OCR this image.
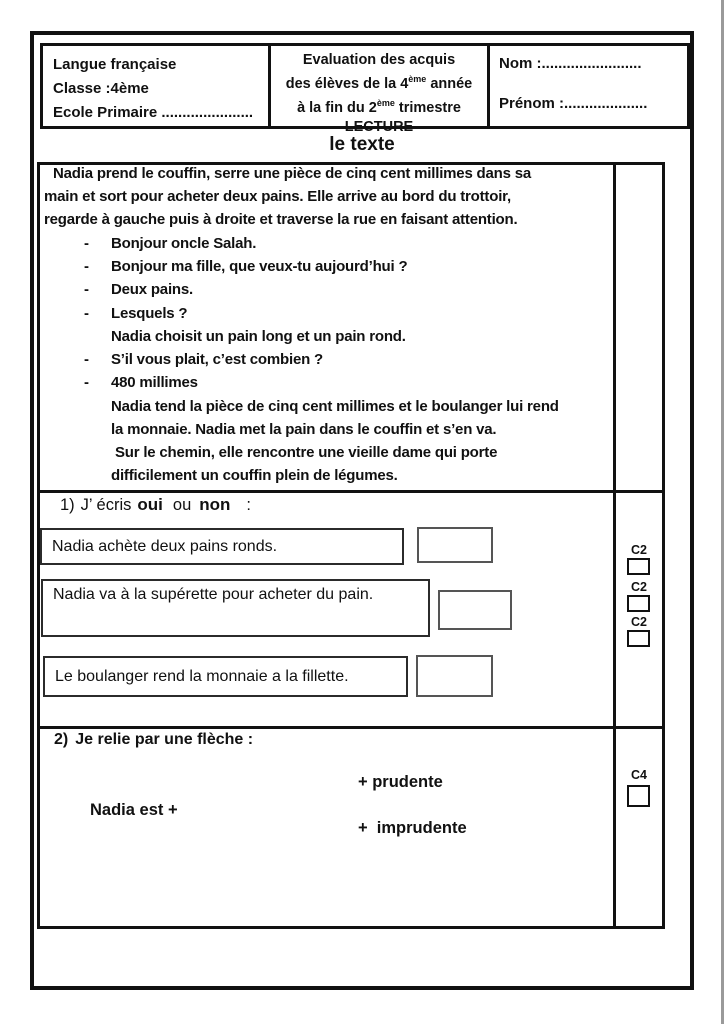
Langue française
Classe :4ème
Ecole Primaire ......................
Evaluation des acquis
des élèves de la 4ème année
à la fin du 2ème trimestre
LECTURE
Nom :........................
Prénom :....................
le texte
Nadia prend le couffin, serre une pièce de cinq cent millimes dans sa
main et sort pour acheter deux pains. Elle arrive au bord du trottoir,
regarde à gauche puis à droite et traverse la rue en faisant attention.
-	Bonjour oncle Salah.
-	Bonjour ma fille, que veux-tu aujourd’hui ?
-	Deux pains.
-	Lesquels ?
Nadia choisit un pain long et un pain rond.
-	S’il vous plait, c’est combien ?
-	480 millimes
Nadia tend la pièce de cinq cent millimes et le boulanger lui rend
la monnaie. Nadia met la pain dans le couffin et s’en va.
Sur le chemin, elle rencontre une vieille dame qui porte
difficilement un couffin plein de légumes.
1) J’ écris oui ou non :
Nadia achète deux pains ronds.
Nadia va à la supérette pour acheter du pain.
Le boulanger rend la monnaie a la fillette.
C2
C2
C2
2) Je relie par une flèche :
+ prudente
Nadia est +
+  imprudente
C4
